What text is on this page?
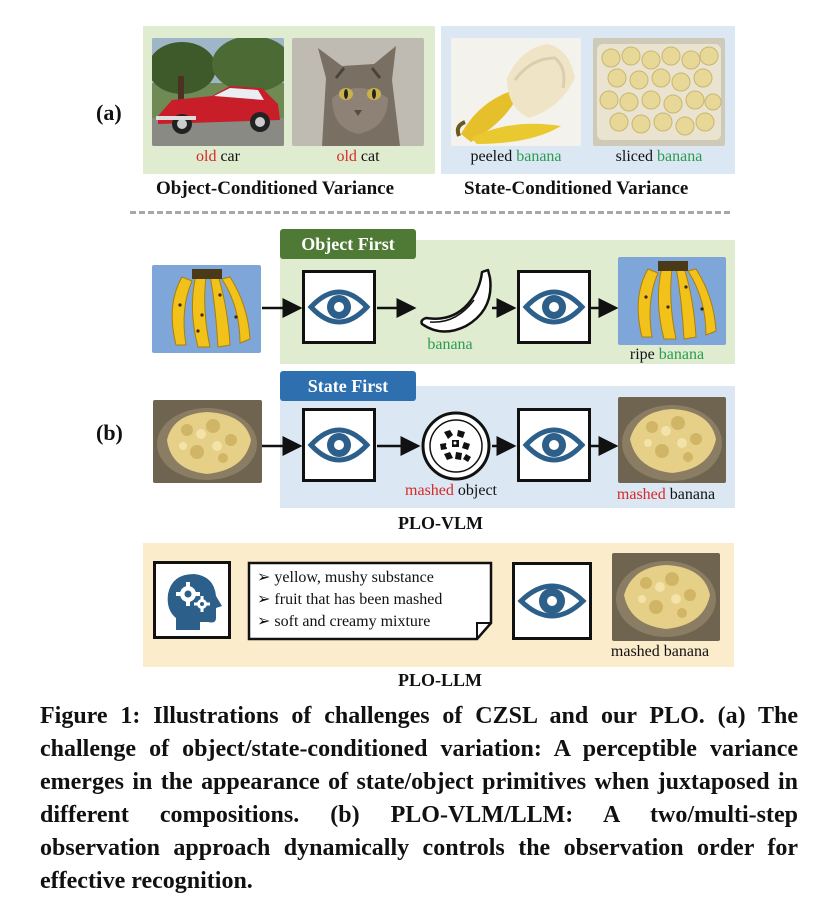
(a)
old car	old cat	peeled banana	sliced banana
Object-Conditioned Variance	State-Conditioned Variance
(b)
Object First
State First
banana
ripe banana
mashed object	mashed banana
PLO-VLM
➢ yellow, mushy substance
➢ fruit that has been mashed
➢ soft and creamy mixture
mashed banana
PLO-LLM
Figure 1: Illustrations of challenges of CZSL and our PLO. (a) The challenge of object/state-conditioned variation: A perceptible variance emerges in the appearance of state/object primitives when juxtaposed in different compositions. (b) PLO-VLM/LLM: A two/multi-step observation approach dynamically controls the observation order for effective recognition.
